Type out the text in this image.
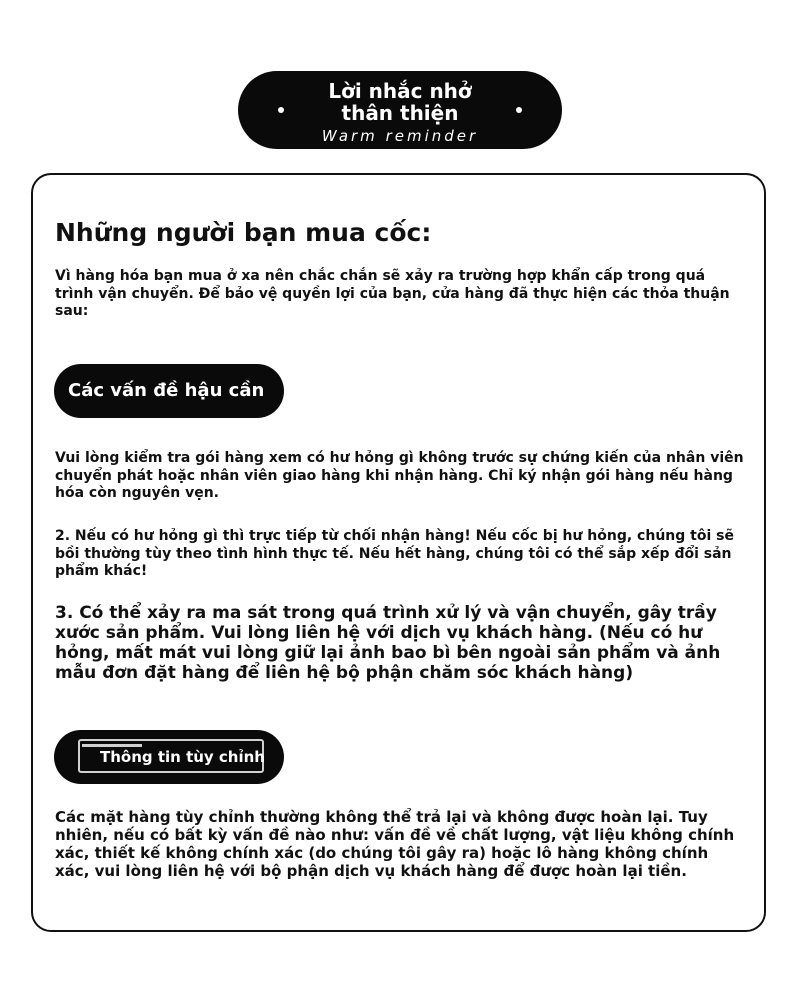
Lời nhắc nhở
thân thiện
Warm reminder
Những người bạn mua cốc:

Vì hàng hóa bạn mua ở xa nên chắc chắn sẽ xảy ra trường hợp khẩn cấp trong quá trình vận chuyển. Để bảo vệ quyền lợi của bạn, cửa hàng đã thực hiện các thỏa thuận sau:

Các vấn đề hậu cần

Vui lòng kiểm tra gói hàng xem có hư hỏng gì không trước sự chứng kiến của nhân viên chuyển phát hoặc nhân viên giao hàng khi nhận hàng. Chỉ ký nhận gói hàng nếu hàng hóa còn nguyên vẹn.

2. Nếu có hư hỏng gì thì trực tiếp từ chối nhận hàng! Nếu cốc bị hư hỏng, chúng tôi sẽ bồi thường tùy theo tình hình thực tế. Nếu hết hàng, chúng tôi có thể sắp xếp đổi sản phẩm khác!

3. Có thể xảy ra ma sát trong quá trình xử lý và vận chuyển, gây trầy xước sản phẩm. Vui lòng liên hệ với dịch vụ khách hàng. (Nếu có hư hỏng, mất mát vui lòng giữ lại ảnh bao bì bên ngoài sản phẩm và ảnh mẫu đơn đặt hàng để liên hệ bộ phận chăm sóc khách hàng)

Thông tin tùy chỉnh

Các mặt hàng tùy chỉnh thường không thể trả lại và không được hoàn lại. Tuy nhiên, nếu có bất kỳ vấn đề nào như: vấn đề về chất lượng, vật liệu không chính xác, thiết kế không chính xác (do chúng tôi gây ra) hoặc lô hàng không chính xác, vui lòng liên hệ với bộ phận dịch vụ khách hàng để được hoàn lại tiền.
